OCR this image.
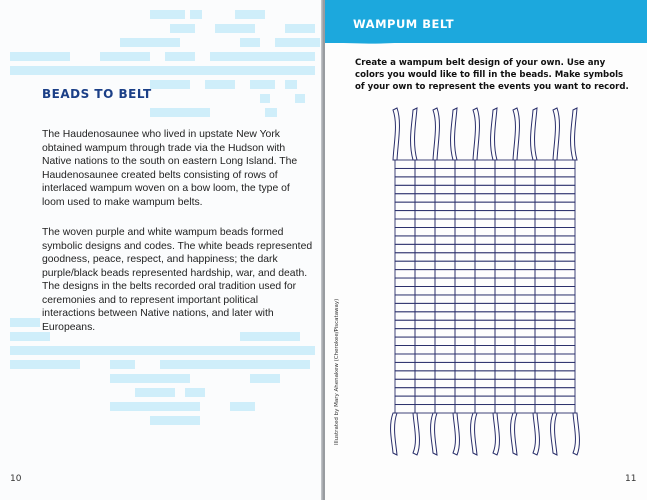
BEADS TO BELT

The Haudenosaunee who lived in upstate New York obtained wampum through trade via the Hudson with Native nations to the south on eastern Long Island. The Haudenosaunee created belts consisting of rows of interlaced wampum woven on a bow loom, the type of loom used to make wampum belts.

The woven purple and white wampum beads formed symbolic designs and codes. The white beads represented goodness, peace, respect, and happiness; the dark purple/black beads represented hardship, war, and death. The designs in the belts recorded oral tradition used for ceremonies and to represent important political interactions between Native nations, and later with Europeans.

10
WAMPUM BELT

Create a wampum belt design of your own. Use any colors you would like to fill in the beads. Make symbols of your own to represent the events you want to record.

Illustrated by Mary Ahenakew (Cherokee/Piscataway)

11
